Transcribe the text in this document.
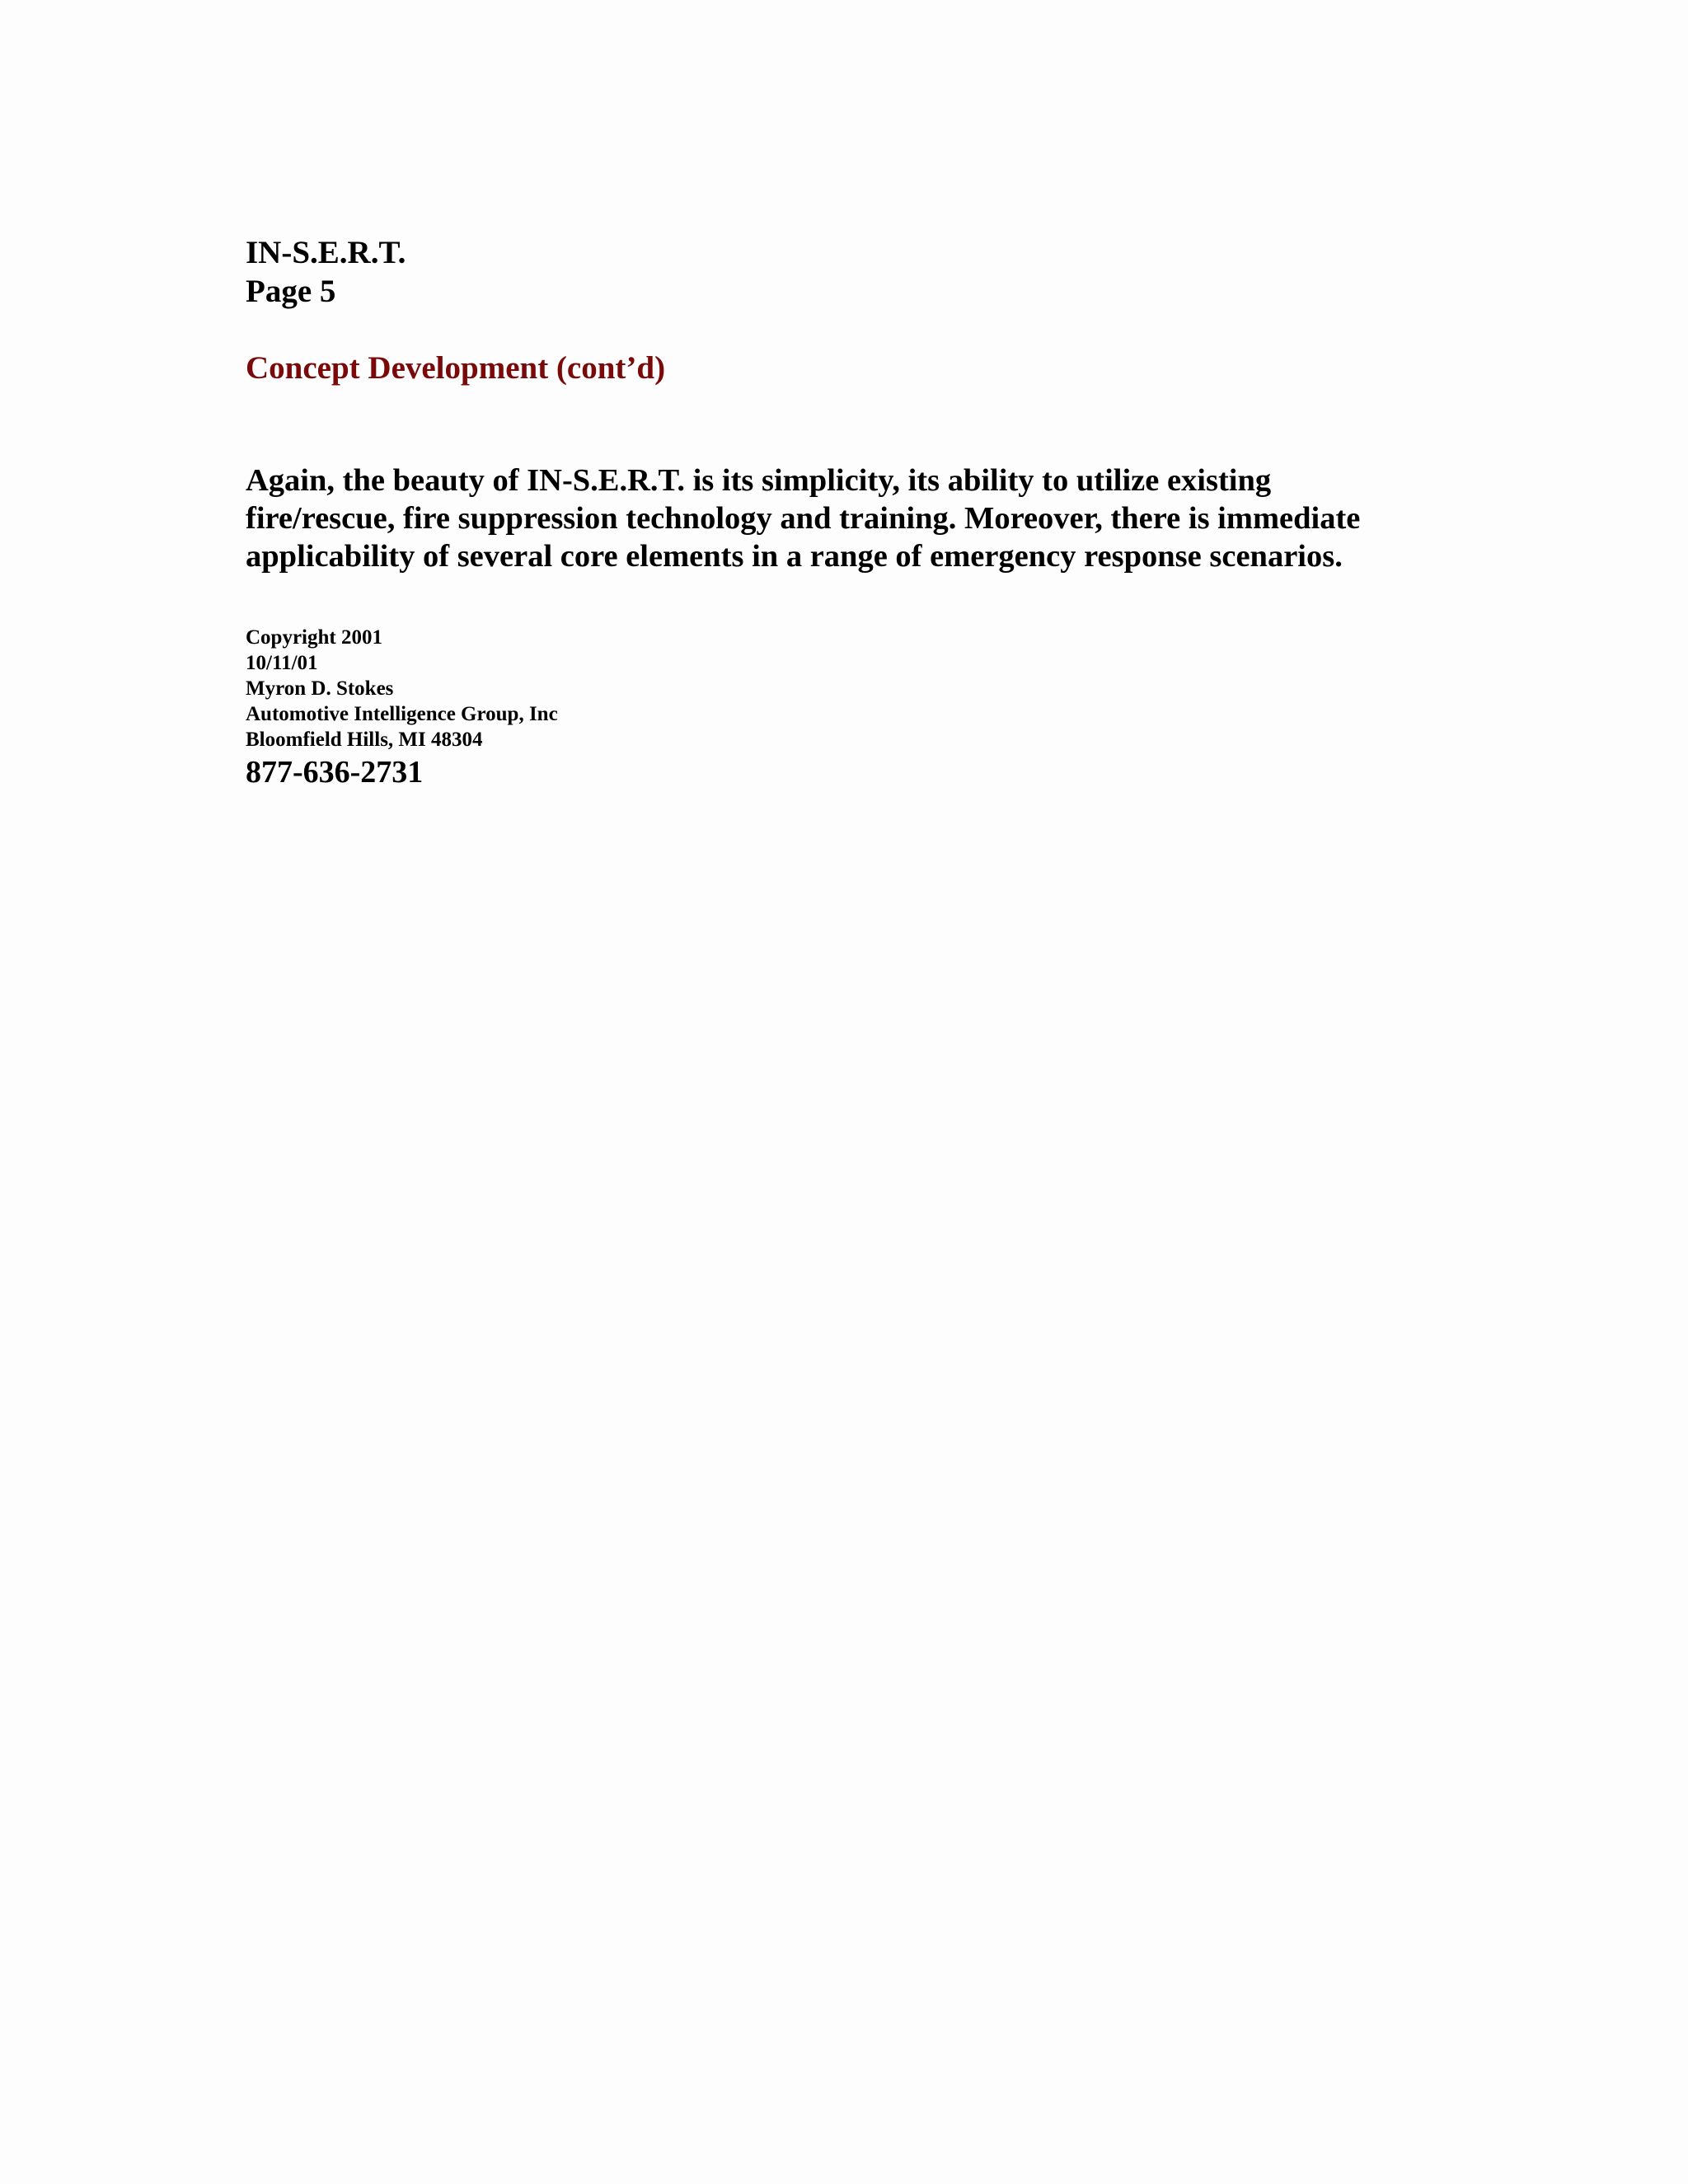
IN-S.E.R.T.

Page 5

Concept Development (cont’d)

Again, the beauty of IN-S.E.R.T. is its simplicity, its ability to utilize existing
fire/rescue, fire suppression technology and training. Moreover, there is immediate
applicability of several core elements in a range of emergency response scenarios.

Copyright 2001

10/11/01

Myron D. Stokes

Automotive Intelligence Group, Inc

Bloomfield Hills, MI 48304

877-636-2731
